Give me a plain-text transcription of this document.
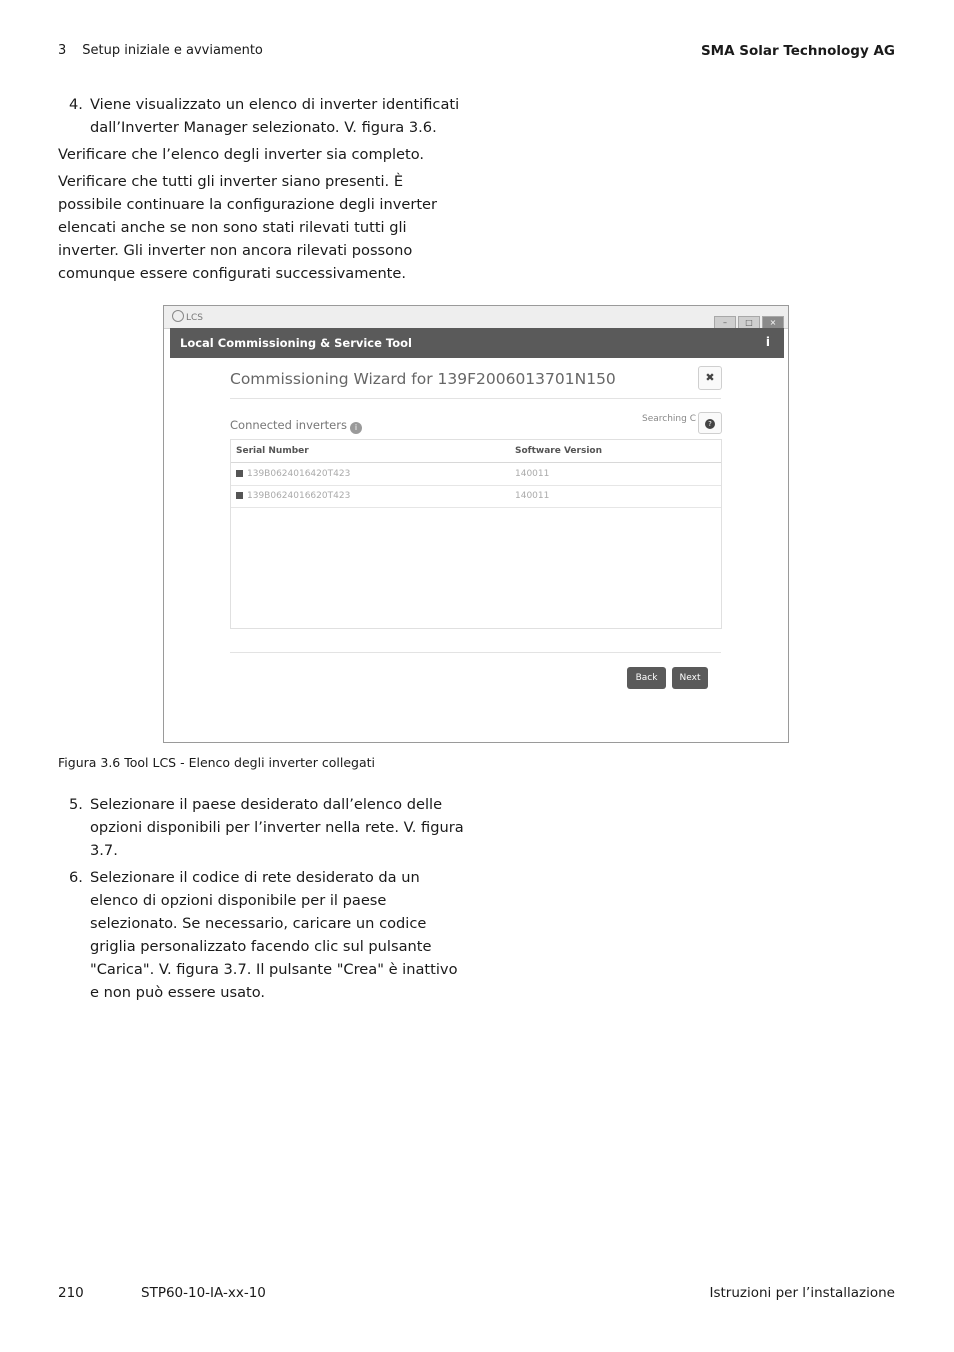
3 Setup iniziale e avviamento	SMA Solar Technology AG
4. Viene visualizzato un elenco di inverter identificati dall’Inverter Manager selezionato. V. figura 3.6.

Verificare che l’elenco degli inverter sia completo.

Verificare che tutti gli inverter siano presenti. È possibile continuare la configurazione degli inverter elencati anche se non sono stati rilevati tutti gli inverter. Gli inverter non ancora rilevati possono comunque essere configurati successivamente.

LCS	– □ ×
Local Commissioning & Service Tool	i
Commissioning Wizard for 139F2006013701N150	✖
Connected inverters i
Searching C	?
Serial Number	Software Version
139B0624016420T423	140011
139B0624016620T423	140011
Back	Next
Figura 3.6 Tool LCS - Elenco degli inverter collegati
5. Selezionare il paese desiderato dall’elenco delle opzioni disponibili per l’inverter nella rete. V. figura 3.7.
6. Selezionare il codice di rete desiderato da un elenco di opzioni disponibile per il paese selezionato. Se necessario, caricare un codice griglia personalizzato facendo clic sul pulsante "Carica". V. figura 3.7. Il pulsante "Crea" è inattivo e non può essere usato.
210	STP60-10-IA-xx-10	Istruzioni per l’installazione
